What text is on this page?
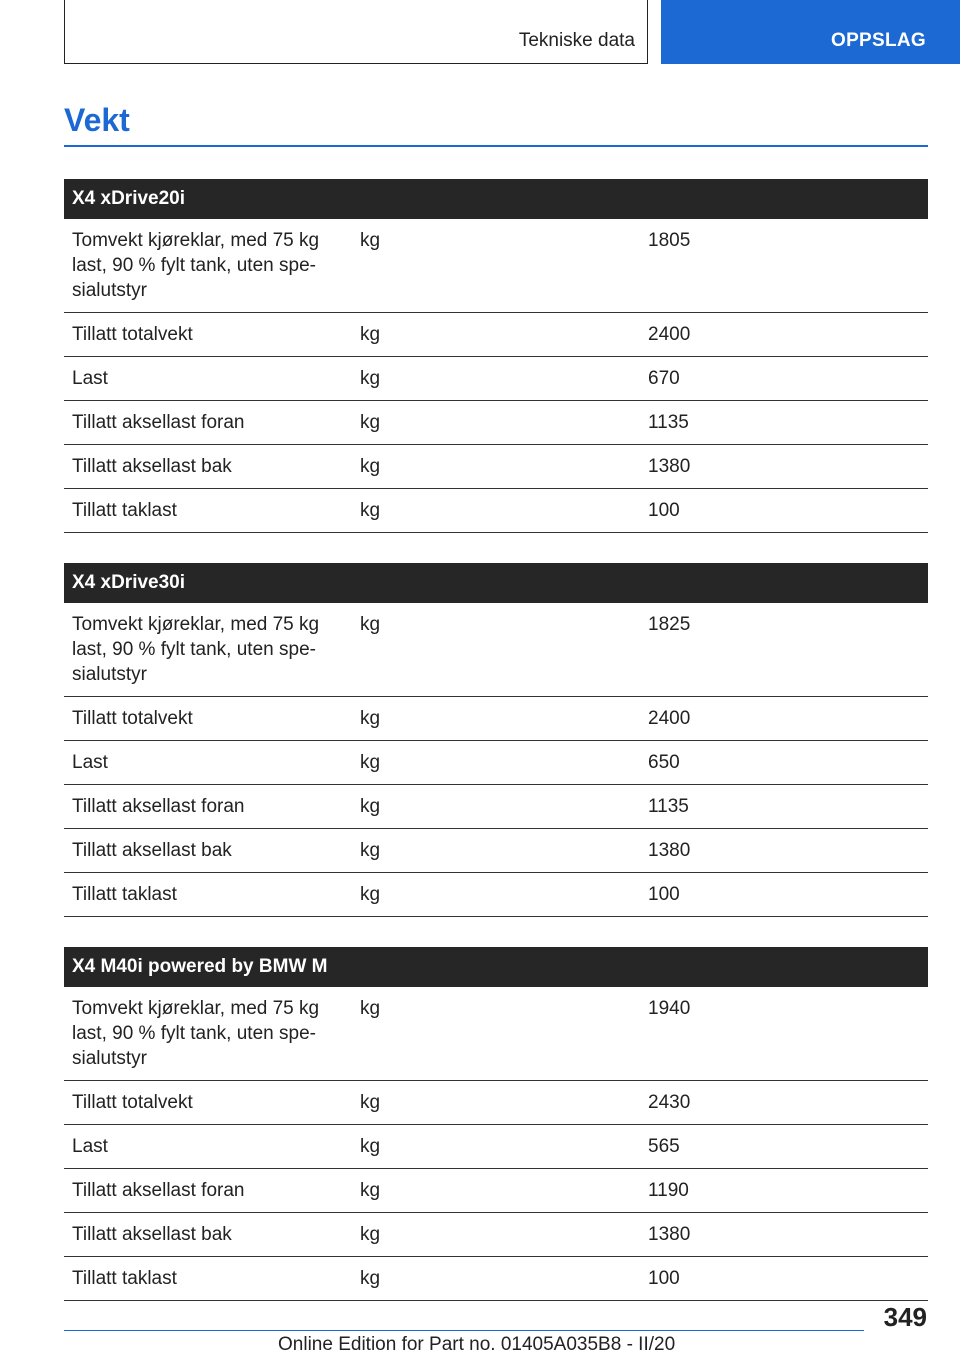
Tekniske data	OPPSLAG
Vekt
X4 xDrive20i		
Tomvekt kjøreklar, med 75 kg last, 90 % fylt tank, uten spe-
sialutstyr	kg	1805
Tillatt totalvekt	kg	2400
Last	kg	670
Tillatt aksellast foran	kg	1135
Tillatt aksellast bak	kg	1380
Tillatt taklast	kg	100
X4 xDrive30i		
Tomvekt kjøreklar, med 75 kg last, 90 % fylt tank, uten spe-
sialutstyr	kg	1825
Tillatt totalvekt	kg	2400
Last	kg	650
Tillatt aksellast foran	kg	1135
Tillatt aksellast bak	kg	1380
Tillatt taklast	kg	100
X4 M40i powered by BMW M		
Tomvekt kjøreklar, med 75 kg last, 90 % fylt tank, uten spe-
sialutstyr	kg	1940
Tillatt totalvekt	kg	2430
Last	kg	565
Tillatt aksellast foran	kg	1190
Tillatt aksellast bak	kg	1380
Tillatt taklast	kg	100
349
Online Edition for Part no. 01405A035B8 - II/20
